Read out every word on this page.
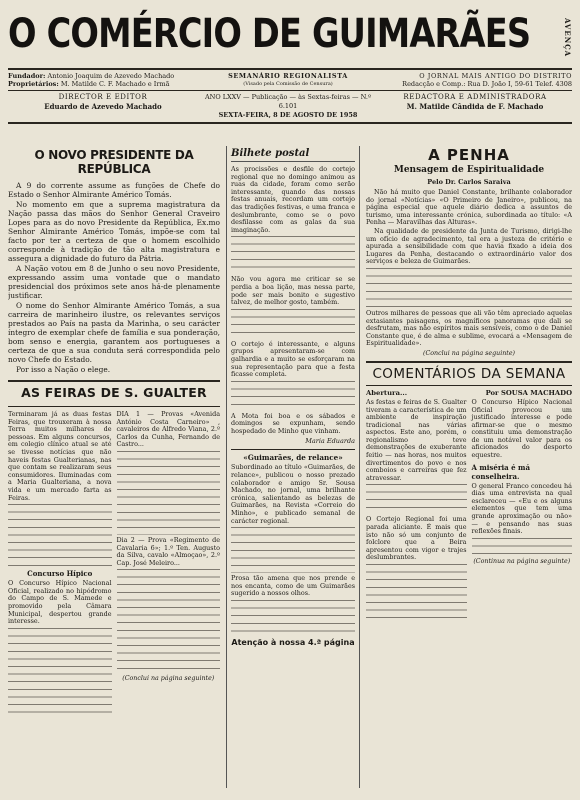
O COMÉRCIO DE GUIMARÃES	AVENÇA
Fundador: Antonio Joaquim de Azevedo Machado
Proprietários: M. Matilde C. F. Machado e Irmã
SEMANÁRIO REGIONALISTA
(Visado pela Comissão de Censura)
O JORNAL MAIS ANTIGO DO DISTRITO
Redacção e Comp.: Rua D. João I, 59-61 Telef. 4308
DIRECTOR E EDITOR
Eduardo de Azevedo Machado
ANO LXXV — Publicação — às Sextas-feiras — N.º 6.101
SEXTA-FEIRA, 8 DE AGOSTO DE 1958
REDACTORA E ADMINISTRADORA
M. Matilde Cândida de F. Machado
O NOVO PRESIDENTE DA REPÚBLICA

A 9 do corrente assume as funções de Chefe do Estado o Senhor Almirante Américo Tomás.

No momento em que a suprema magistratura da Nação passa das mãos do Senhor General Craveiro Lopes para as do novo Presidente da República, Ex.mo Senhor Almirante Américo Tomás, impõe-se com tal facto por ter a certeza de que o homem escolhido corresponde à tradição de tão alta magistratura e assegura a dignidade do futuro da Pátria.

A Nação votou em 8 de Junho o seu novo Presidente, expressando assim uma vontade que o mandato presidencial dos próximos sete anos há-de plenamente justificar.

O nome do Senhor Almirante Américo Tomás, a sua carreira de marinheiro ilustre, os relevantes serviços prestados ao País na pasta da Marinha, o seu carácter íntegro de exemplar chefe de família e sua ponderação, bom senso e energia, garantem aos portugueses a certeza de que a sua conduta será correspondida pelo novo Chefe do Estado.

Por isso a Nação o elege.

AS FEIRAS DE S. GUALTER
Terminaram já as duas festas Feiras, que trouxeram à nossa Terra muitos milhares de pessoas. Em alguns concursos, em colegio clínico atual se até se tivesse notícias que não haveis festas Gualterianas, nas que contam se realizaram seus consumidores. Iluminadas com a Maria Gualteriana, a nova vida e um mercado farta as Feiras.
Concurso Hípico
O Concurso Hípico Nacional Oficial, realizado no hipódromo do Campo de S. Mamede e promovido pela Câmara Municipal, despertou grande interesse.
DIA 1 — Provas «Avenida António Costa Carneiro» , cavaleiros de Alfredo Viana, 2.º Carlos da Cunha, Fernando de Castro...
Dia 2 — Prova «Regimento de Cavalaria 6»; 1.º Ten. Augusto da Silva, cavalo «Almoçao», 2.º Cap. José Meleiro...
(Conclui na página seguinte)
Bilhete postal
As procissões e desfile do cortejo regional que no domingo animou as ruas da cidade, foram como serão interessante, quando das nossas festas anuais, recordam um cortejo das tradições festivas, e uma franca e deslumbrante, como se o povo desfilasse com as galas da sua imaginação.
Não vou agora me criticar se se perdia a boa lição, mas nessa parte, pode ser mais bonito e sugestivo talvez, de melhor gosto, também.
O cortejo é interessante, e alguns grupos apresentaram-se com galhardia e a muito se esforçaram na sua representação para que a festa ficasse completa.
A Mota foi boa e os sábados e domingos se expunham, sendo hospedado de Minho que vinham.
Maria Eduarda
«Guimarães, de relance»
Subordinado ao título «Guimarães, de relance», publicou o nosso prezado colaborador e amigo Sr. Sousa Machado, no jornal, uma brilhante crónica, salientando as belezas de Guimarães, na Revista «Correio do Minho», e publicado semanal de carácter regional.
Prosa tão amena que nos prende e nos encanta, como de um Guimarães sugerido a nossos olhos.
Atenção à nossa 4.ª página
A PENHA
Mensagem de Espiritualidade
Pelo Dr. Carlos Saraiva

Não há muito que Daniel Constante, brilhante colaborador do jornal «Notícias» «O Primeiro de Janeiro», publicou, na página especial que aquele diário dedica a assuntos de turismo, uma interessante crónica, subordinada ao título: «A Penha — Maravilhas das Alturas».

Na qualidade de presidente da Junta de Turismo, dirigi-lhe um ofício de agradecimento, tal era a justeza de critério e apurada a sensibilidade com que havia fixado a ideia dos Lugares da Penha, destacando o extraordinário valor dos serviços e beleza de Guimarães.

Outros milhares de pessoas que ali vão têm apreciado aquelas extasiantes paisagens, os magníficos panoramas que dali se desfrutam, mas não espíritos mais sensíveis, como o de Daniel Constante que, é de alma e sublime, evocará a «Mensagem de Espiritualidade».
(Conclui na página seguinte)
COMENTÁRIOS DA SEMANA
Abertura...	Por SOUSA MACHADO
As festas e feiras de S. Gualter tiveram a característica de um ambiente de inspiração tradicional nas várias aspectos. Este ano, porém, o regionalismo teve demonstrações de exuberante feitio — nas horas, nos muitos divertimentos do povo e nos comboios e carreiras que fez atravessar.
O Cortejo Regional foi uma parada aliciante. É mais que isto não só um conjunto de folclore que a Beira apresentou com vigor e trajes deslumbrantes.
O Concurso Hípico Nacional Oficial provocou um justificado interesse e pode afirmar-se que o mesmo constituiu uma demonstração de um notável valor para os aficionados do desporto equestre.
A miséria é má conselheira.
O general Franco concedeu há dias uma entrevista na qual esclareceu — «Eu e os alguns elementos que tem uma grande aproximação ou não» — e pensando nas suas reflexões finais.
(Continua na página seguinte)
